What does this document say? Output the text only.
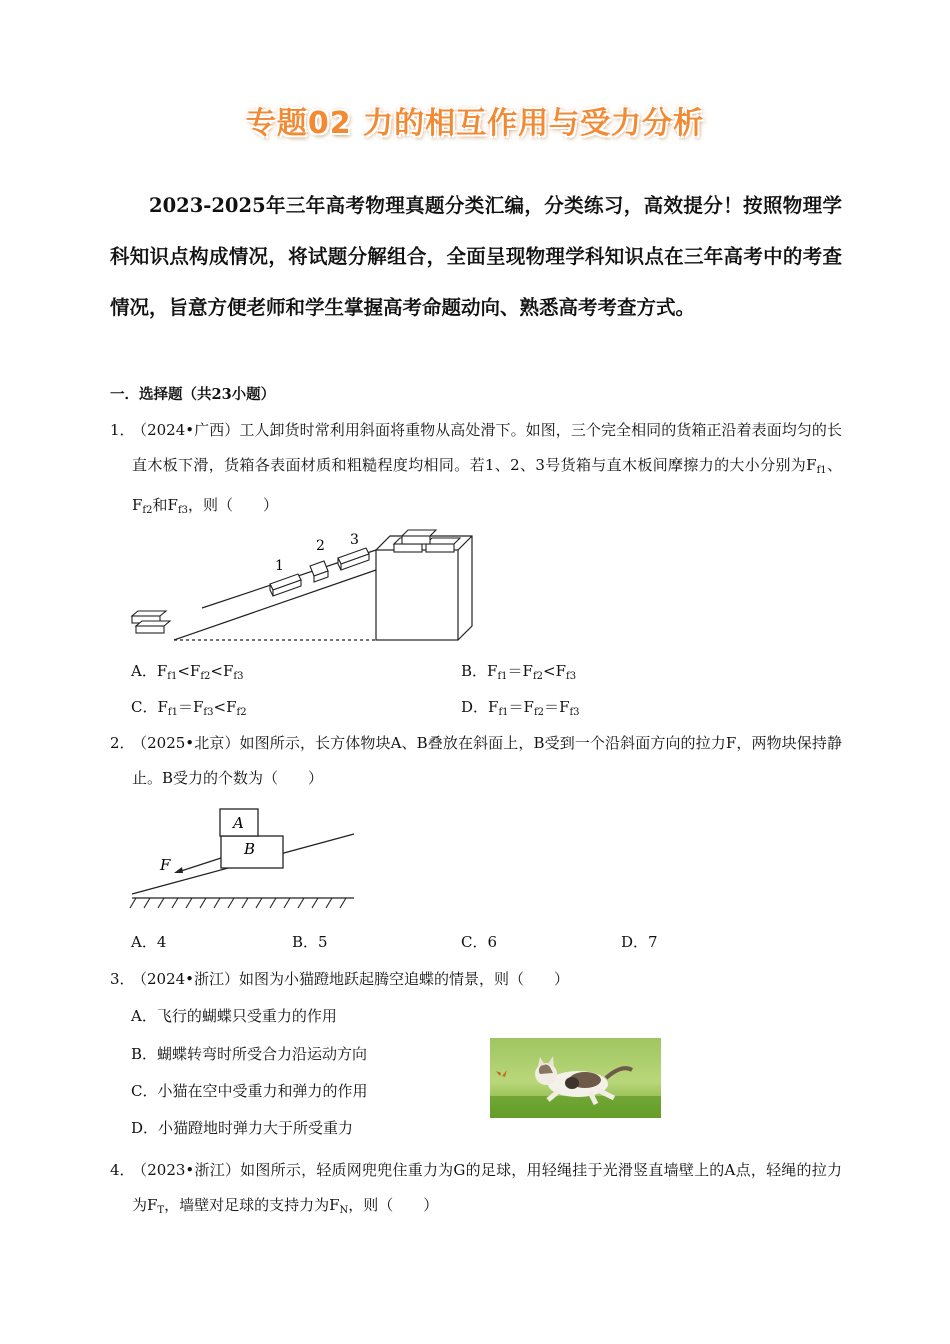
专题02 力的相互作用与受力分析
2023-2025年三年高考物理真题分类汇编，分类练习，高效提分！按照物理学科知识点构成情况，将试题分解组合，全面呈现物理学科知识点在三年高考中的考查情况，旨意方便老师和学生掌握高考命题动向、熟悉高考考查方式。
一．选择题（共23小题）
1．
（2024•广西）工人卸货时常利用斜面将重物从高处滑下。如图，三个完全相同的货箱正沿着表面均匀的长直木板下滑，货箱各表面材质和粗糙程度均相同。若1、2、3号货箱与直木板间摩擦力的大小分别为$F_{f1}$、$F_{f2}$和$F_{f3}$，则（　　）
1
2 3
A．$F_{f1}<F_{f2}<F_{f3}$	B．$F_{f1}=F_{f2}<F_{f3}$
C．$F_{f1}=F_{f3}<F_{f2}$	D．$F_{f1}=F_{f2}=F_{f3}$
2．
（2025•北京）如图所示，长方体物块A、B叠放在斜面上，B受到一个沿斜面方向的拉力F，两物块保持静止。B受力的个数为（　　）
A
B
F
A．4	B．5	C．6	D．7
3．
（2024•浙江）如图为小猫蹬地跃起腾空追蝶的情景，则（　　）
A．飞行的蝴蝶只受重力的作用
B．蝴蝶转弯时所受合力沿运动方向
C．小猫在空中受重力和弹力的作用
D．小猫蹬地时弹力大于所受重力
4．
（2023•浙江）如图所示，轻质网兜兜住重力为G的足球，用轻绳挂于光滑竖直墙壁上的A点，轻绳的拉力为$F_T$，墙壁对足球的支持力为$F_N$，则（　　）
